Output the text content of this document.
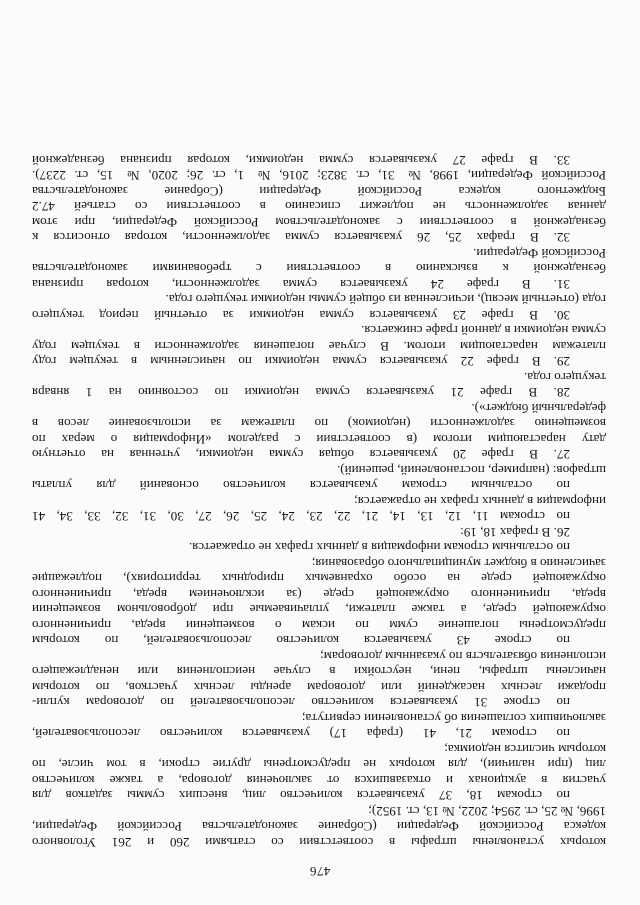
476
которых установлены штрафы в соответствии со статьями 260 и 261 Уголовного
кодекса Российской Федерации (Собрание законодательства Российской Федерации,
1996, № 25, ст. 2954; 2022, № 13, ст. 1952);
по строкам 18, 37 указывается количество лиц, внесших суммы задатков для
участия в аукционах и отказавшихся от заключения договора, а также количество
лиц (при наличии), для которых не предусмотрены другие строки, в том числе, по
которым числится недоимка;
по строкам 21, 41 (графа 17) указывается количество лесопользователей,
заключивших соглашения об установлении сервитута;
по строке 31 указывается количество лесопользователей по договорам купли-
продажи лесных насаждений или договорам аренды лесных участков, по которым
начислены штрафы, пени, неустойки в случае неисполнения или ненадлежащего
исполнения обязательств по указанным договорам;
по строке 43 указывается количество лесопользователей, по которым
предусмотрены погашение сумм по искам о возмещении вреда, причиненного
окружающей среде, а также платежи, уплачиваемые при добровольном возмещении
вреда, причиненного окружающей среде (за исключением вреда, причиненного
окружающей среде на особо охраняемых природных территориях), подлежащие
зачислению в бюджет муниципального образования;
по остальным строкам информация в данных графах не отражается.
26. В графах 18, 19:
по строкам 11, 12, 13, 14, 21, 22, 23, 24, 25, 26, 27, 30, 31, 32, 33, 34, 41
информация в данных графах не отражается;
по остальным строкам указывается количество оснований для уплаты
штрафов: (например, постановлений, решений).
27. В графе 20 указывается общая сумма недоимки, учтенная на отчетную
дату нарастающим итогом (в соответствии с разделом «Информация о мерах по
возмещению задолженности (недоимок) по платежам за использование лесов в
федеральный бюджет»).
28. В графе 21 указывается сумма недоимки по состоянию на 1 января
текущего года.
29. В графе 22 указывается сумма недоимки по начисленным в текущем году
платежам нарастающим итогом. В случае погашения задолженности в текущем году
сумма недоимки в данной графе снижается.
30. В графе 23 указывается сумма недоимки за отчетный период текущего
года (отчетный месяц), исчисленная из общей суммы недоимки текущего года.
31. В графе 24 указывается сумма задолженности, которая признана
безнадежной к взысканию в соответствии с требованиями законодательства
Российской Федерации.
32. В графах 25, 26 указывается сумма задолженности, которая относится к
безнадежной в соответствии с законодательством Российской Федерации, при этом
данная задолженность не подлежит списанию в соответствии со статьей 47.2
Бюджетного кодекса Российской Федерации (Собрание законодательства
Российской Федерации, 1998, № 31, ст. 3823; 2016, № 1, ст. 26; 2020, № 15, ст. 2237).
33. В графе 27 указывается сумма недоимки, которая признана безнадежной
